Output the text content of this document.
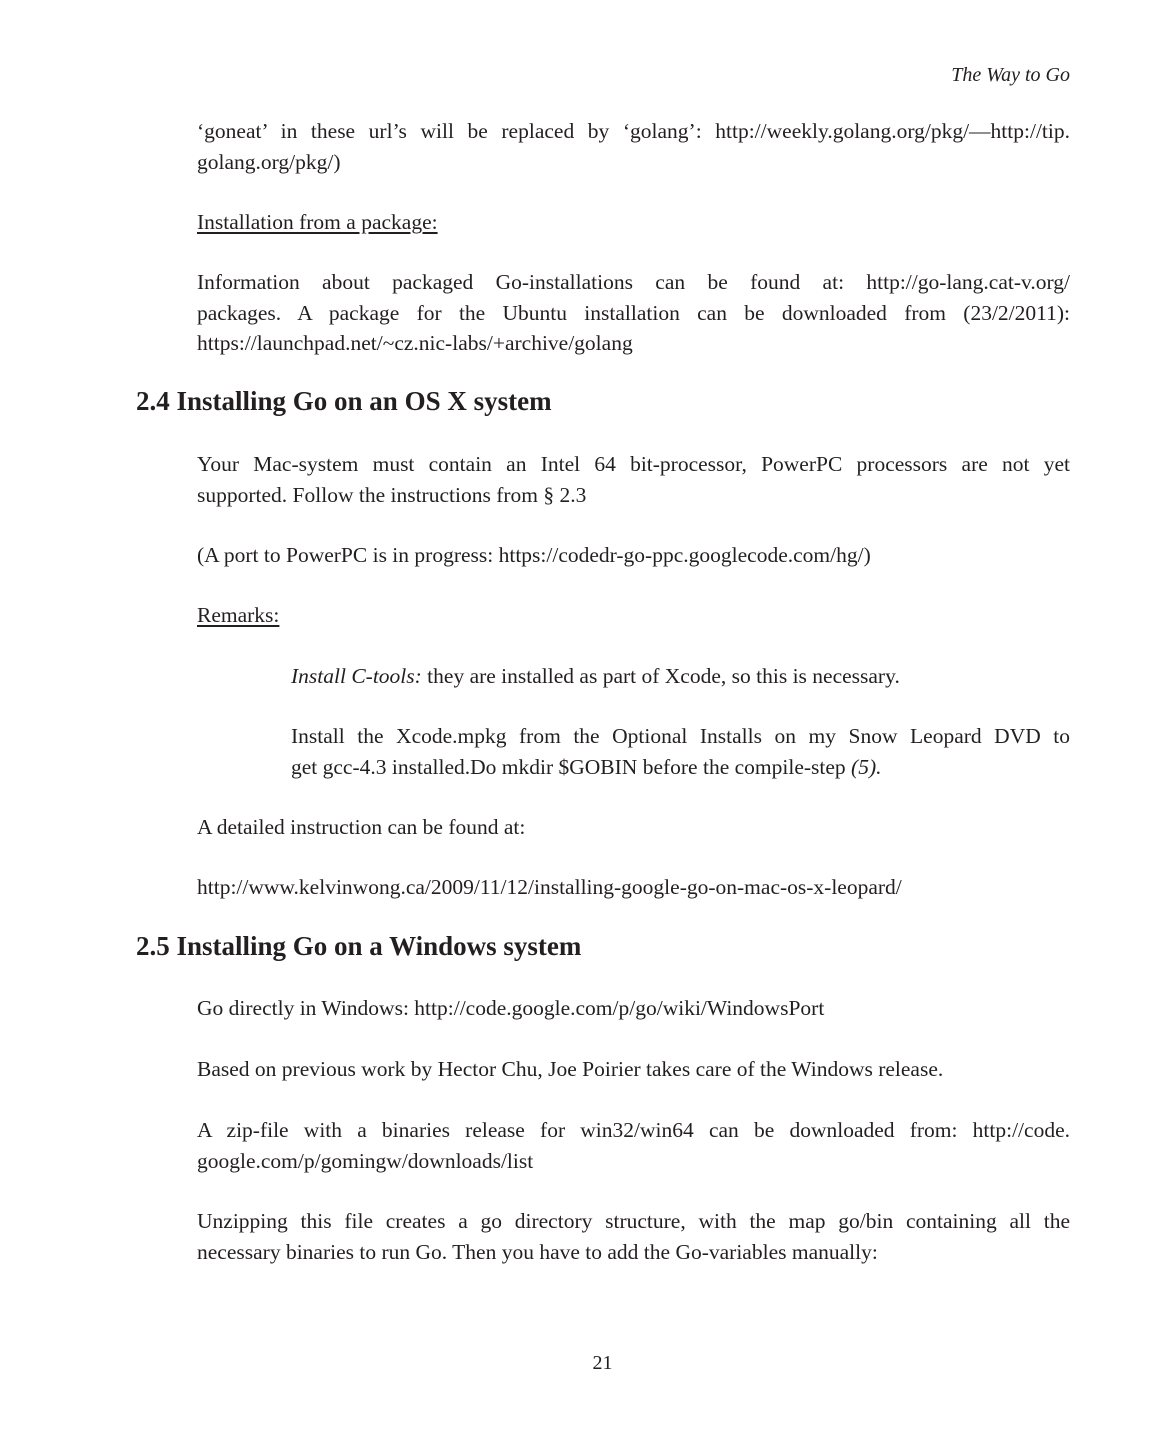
The Way to Go
‘goneat’ in these url’s will be replaced by ‘golang’: http://weekly.golang.org/pkg/—http://tip.
golang.org/pkg/)
Installation from a package:
Information about packaged Go-installations can be found at: http://go-lang.cat-v.org/
packages. A package for the Ubuntu installation can be downloaded from (23/2/2011):
https://launchpad.net/~cz.nic-labs/+archive/golang
2.4 Installing Go on an OS X system
Your Mac-system must contain an Intel 64 bit-processor, PowerPC processors are not yet
supported. Follow the instructions from § 2.3
(A port to PowerPC is in progress: https://codedr-go-ppc.googlecode.com/hg/)
Remarks:
Install C-tools: they are installed as part of Xcode, so this is necessary.
Install the Xcode.mpkg from the Optional Installs on my Snow Leopard DVD to
get gcc-4.3 installed.Do mkdir $GOBIN before the compile-step (5).
A detailed instruction can be found at:
http://www.kelvinwong.ca/2009/11/12/installing-google-go-on-mac-os-x-leopard/
2.5 Installing Go on a Windows system
Go directly in Windows: http://code.google.com/p/go/wiki/WindowsPort
Based on previous work by Hector Chu, Joe Poirier takes care of the Windows release.
A zip-file with a binaries release for win32/win64 can be downloaded from: http://code.
google.com/p/gomingw/downloads/list
Unzipping this file creates a go directory structure, with the map go/bin containing all the
necessary binaries to run Go. Then you have to add the Go-variables manually:
21
